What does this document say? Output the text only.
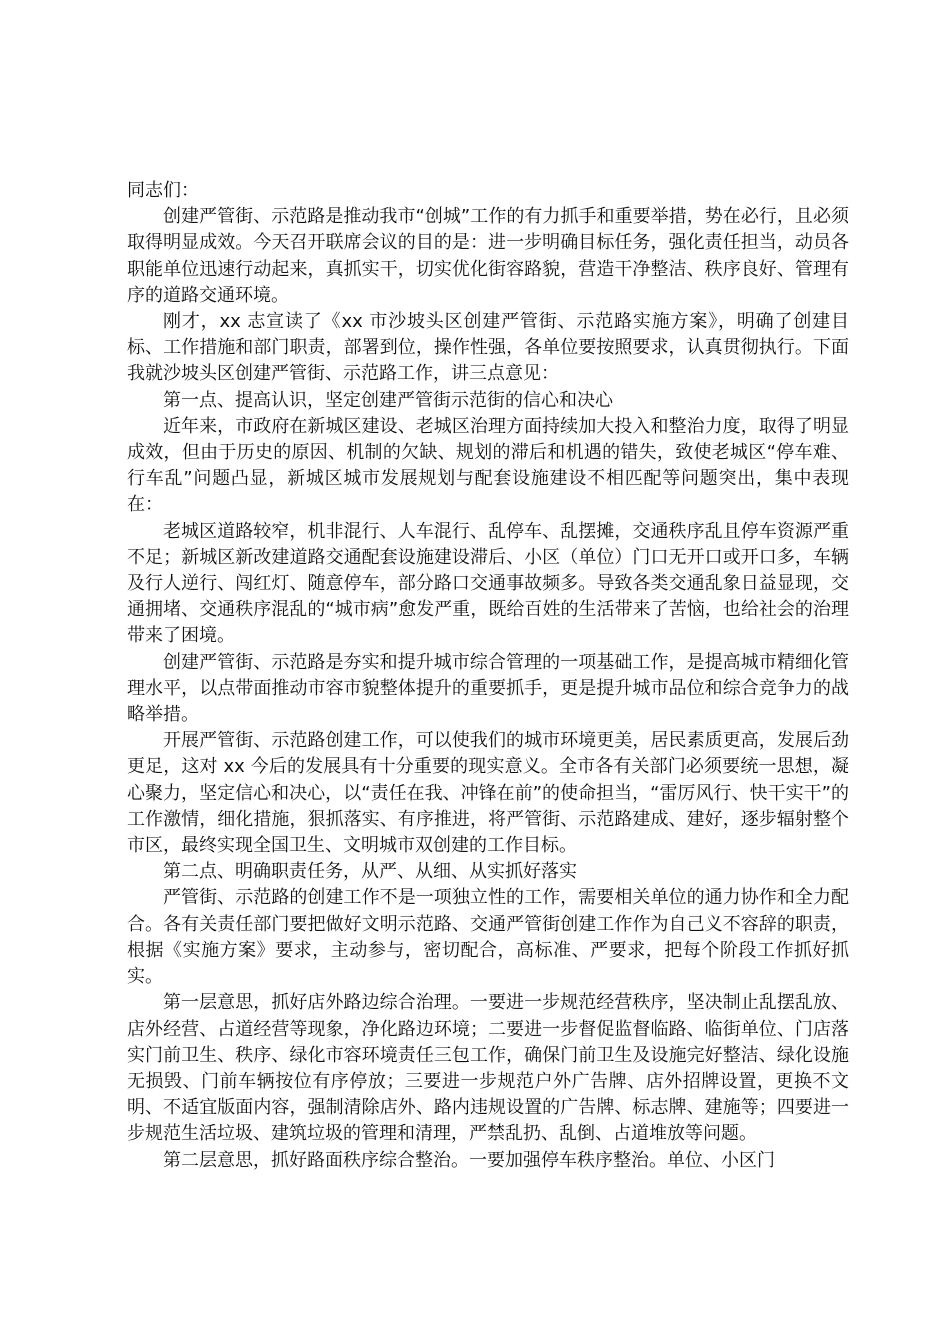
同志们：

创建严管街、示范路是推动我市“创城”工作的有力抓手和重要举措，势在必行，且必须取得明显成效。今天召开联席会议的目的是：进一步明确目标任务，强化责任担当，动员各职能单位迅速行动起来，真抓实干，切实优化街容路貌，营造干净整洁、秩序良好、管理有序的道路交通环境。

刚才，xx 志宣读了《xx 市沙坡头区创建严管街、示范路实施方案》，明确了创建目标、工作措施和部门职责，部署到位，操作性强，各单位要按照要求，认真贯彻执行。下面我就沙坡头区创建严管街、示范路工作，讲三点意见：

第一点、提高认识，坚定创建严管街示范街的信心和决心

近年来，市政府在新城区建设、老城区治理方面持续加大投入和整治力度，取得了明显成效，但由于历史的原因、机制的欠缺、规划的滞后和机遇的错失，致使老城区“停车难、行车乱”问题凸显，新城区城市发展规划与配套设施建设不相匹配等问题突出，集中表现在：

老城区道路较窄，机非混行、人车混行、乱停车、乱摆摊，交通秩序乱且停车资源严重不足；新城区新改建道路交通配套设施建设滞后、小区（单位）门口无开口或开口多，车辆及行人逆行、闯红灯、随意停车，部分路口交通事故频多。导致各类交通乱象日益显现，交通拥堵、交通秩序混乱的“城市病”愈发严重，既给百姓的生活带来了苦恼，也给社会的治理带来了困境。

创建严管街、示范路是夯实和提升城市综合管理的一项基础工作，是提高城市精细化管理水平，以点带面推动市容市貌整体提升的重要抓手，更是提升城市品位和综合竞争力的战略举措。

开展严管街、示范路创建工作，可以使我们的城市环境更美，居民素质更高，发展后劲更足，这对 xx 今后的发展具有十分重要的现实意义。全市各有关部门必须要统一思想，凝心聚力，坚定信心和决心，以“责任在我、冲锋在前”的使命担当，“雷厉风行、快干实干”的工作激情，细化措施，狠抓落实、有序推进，将严管街、示范路建成、建好，逐步辐射整个市区，最终实现全国卫生、文明城市双创建的工作目标。

第二点、明确职责任务，从严、从细、从实抓好落实

严管街、示范路的创建工作不是一项独立性的工作，需要相关单位的通力协作和全力配合。各有关责任部门要把做好文明示范路、交通严管街创建工作作为自己义不容辞的职责，根据《实施方案》要求，主动参与，密切配合，高标准、严要求，把每个阶段工作抓好抓实。

第一层意思，抓好店外路边综合治理。一要进一步规范经营秩序，坚决制止乱摆乱放、店外经营、占道经营等现象，净化路边环境；二要进一步督促监督临路、临街单位、门店落实门前卫生、秩序、绿化市容环境责任三包工作，确保门前卫生及设施完好整洁、绿化设施无损毁、门前车辆按位有序停放；三要进一步规范户外广告牌、店外招牌设置，更换不文明、不适宜版面内容，强制清除店外、路内违规设置的广告牌、标志牌、建施等；四要进一步规范生活垃圾、建筑垃圾的管理和清理，严禁乱扔、乱倒、占道堆放等问题。

第二层意思，抓好路面秩序综合整治。一要加强停车秩序整治。单位、小区门
